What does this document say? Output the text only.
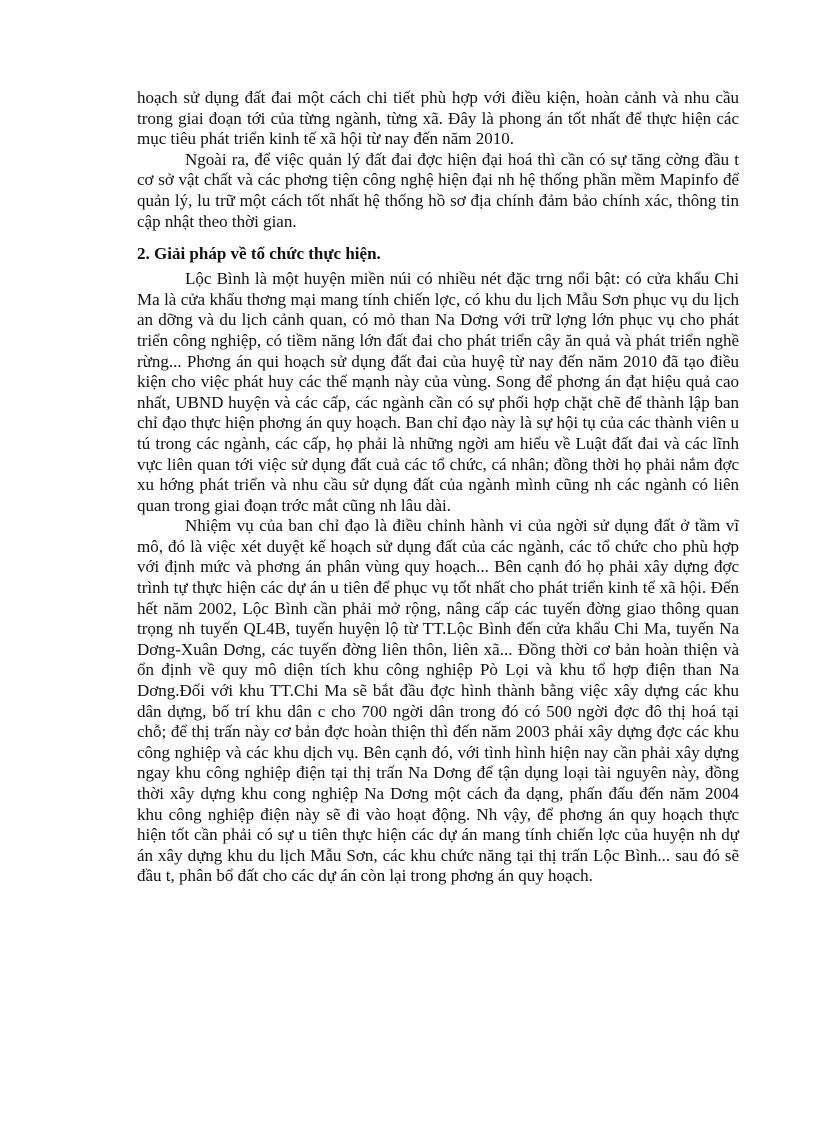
hoạch sử dụng đất đai một cách chi tiết phù hợp với điều kiện, hoàn cảnh và nhu cầu trong giai đoạn tới của từng ngành, từng xã. Đây là phong án tốt nhất để thực hiện các mục tiêu phát triển kinh tế xã hội từ nay đến năm 2010.

Ngoài ra, để việc quản lý đất đai đợc hiện đại hoá thì cần có sự tăng cờng đầu t cơ sở vật chất và các phơng tiện công nghệ hiện đại nh hệ thống phần mềm Mapinfo để quản lý, lu trữ một cách tốt nhất hệ thống hồ sơ địa chính đảm bảo chính xác, thông tin cập nhật theo thời gian.

2. Giải pháp về tổ chức thực hiện.

Lộc Bình là một huyện miền núi có nhiều nét đặc trng nổi bật: có cửa khẩu Chi Ma là cửa khẩu thơng mại mang tính chiến lợc, có khu du lịch Mẫu Sơn phục vụ du lịch an dỡng và du lịch cảnh quan, có mỏ than Na Dơng với trữ lợng lớn phục vụ cho phát triển công nghiệp, có tiềm năng lớn đất đai cho phát triển cây ăn quả và phát triển nghề rừng... Phơng án qui hoạch sử dụng đất đai của huyệ từ nay đến năm 2010 đã tạo điều kiện cho việc phát huy các thế mạnh này của vùng. Song để phơng án đạt hiệu quả cao nhất, UBND huyện và các cấp, các ngành cần có sự phối hợp chặt chẽ để thành lập ban chỉ đạo thực hiện phơng án quy hoạch. Ban chỉ đạo này là sự hội tụ của các thành viên u tú trong các ngành, các cấp, họ phải là những ngời am hiểu về Luật đất đai và các lĩnh vực liên quan tới việc sử dụng đất cuả các tổ chức, cá nhân; đồng thời họ phải nắm đợc xu hớng phát triển và nhu cầu sử dụng đất của ngành mình cũng nh các ngành có liên quan trong giai đoạn trớc mắt cũng nh lâu dài.

Nhiệm vụ của ban chỉ đạo là điều chỉnh hành vi của ngời sử dụng đất ở tầm vĩ mô, đó là việc xét duyệt kế hoạch sử dụng đất của các ngành, các tổ chức cho phù hợp với định mức và phơng án phân vùng quy hoạch... Bên cạnh đó họ phải xây dựng đợc trình tự thực hiện các dự án u tiên để phục vụ tốt nhất cho phát triển kinh tế xã hội. Đến hết năm 2002, Lộc Bình cần phải mở rộng, nâng cấp các tuyến đờng giao thông quan trọng nh tuyến QL4B, tuyến huyện lộ từ TT.Lộc Bình đến cửa khẩu Chi Ma, tuyến Na Dơng-Xuân Dơng, các tuyến đờng liên thôn, liên xã... Đồng thời cơ bản hoàn thiện và ổn định về quy mô diện tích khu công nghiệp Pò Lọi và khu tổ hợp điện than Na Dơng.Đối với khu TT.Chi Ma sẽ bắt đầu đợc hình thành bằng việc xây dựng các khu dân dựng, bố trí khu dân c cho 700 ngời dân trong đó có 500 ngời đợc đô thị hoá tại chỗ; để thị trấn này cơ bản đợc hoàn thiện thì đến năm 2003 phải xây dựng đợc các khu công nghiệp và các khu dịch vụ. Bên cạnh đó, với tình hình hiện nay cần phải xây dựng ngay khu công nghiệp điện tại thị trấn Na Dơng để tận dụng loại tài nguyên này, đồng thời xây dựng khu cong nghiệp Na Dơng một cách đa dạng, phấn đấu đến năm 2004 khu công nghiệp điện này sẽ đi vào hoạt động. Nh vậy, để phơng án quy hoạch thực hiện tốt cần phải có sự u tiên thực hiện các dự án mang tính chiến lợc của huyện nh dự án xây dựng khu du lịch Mẫu Sơn, các khu chức năng tại thị trấn Lộc Bình... sau đó sẽ đầu t, phân bổ đất cho các dự án còn lại trong phơng án quy hoạch.
